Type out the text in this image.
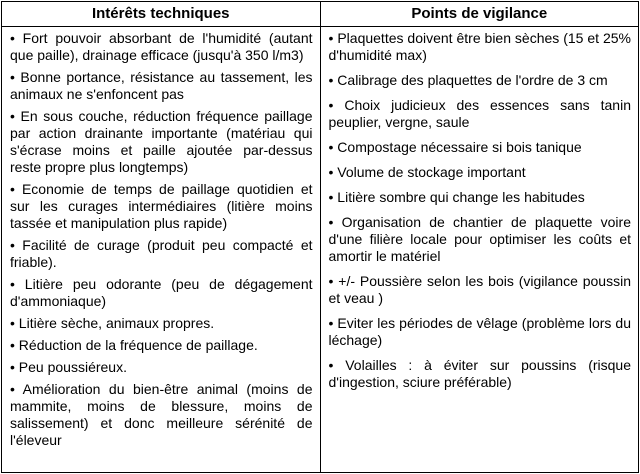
Intérêts techniques

• Fort pouvoir absorbant de l'humidité (autant que paille), drainage efficace (jusqu'à 350 l/m3)

• Bonne portance, résistance au tassement, les animaux ne s'enfoncent pas

• En sous couche, réduction fréquence paillage par action drainante importante (matériau qui s'écrase moins et paille ajoutée par-dessus reste propre plus longtemps)

• Economie de temps de paillage quotidien et sur les curages intermédiaires (litière moins tassée et manipulation plus rapide)

• Facilité de curage (produit peu compacté et friable).

• Litière peu odorante (peu de dégagement d'ammoniaque)

• Litière sèche, animaux propres.

• Réduction de la fréquence de paillage.

• Peu poussiéreux.

• Amélioration du bien-être animal (moins de mammite, moins de blessure, moins de salissement) et donc meilleure sérénité de l'éleveur

Points de vigilance

• Plaquettes doivent être bien sèches (15 et 25% d'humidité max)

• Calibrage des plaquettes de l'ordre de 3 cm

• Choix judicieux des essences sans tanin peuplier, vergne, saule

• Compostage nécessaire si bois tanique

• Volume de stockage important

• Litière sombre qui change les habitudes

• Organisation de chantier de plaquette voire d'une filière locale pour optimiser les coûts et amortir le matériel

• +/- Poussière selon les bois (vigilance poussin et veau )

• Eviter les périodes de vêlage (problème lors du léchage)

• Volailles : à éviter sur poussins (risque d'ingestion, sciure préférable)
